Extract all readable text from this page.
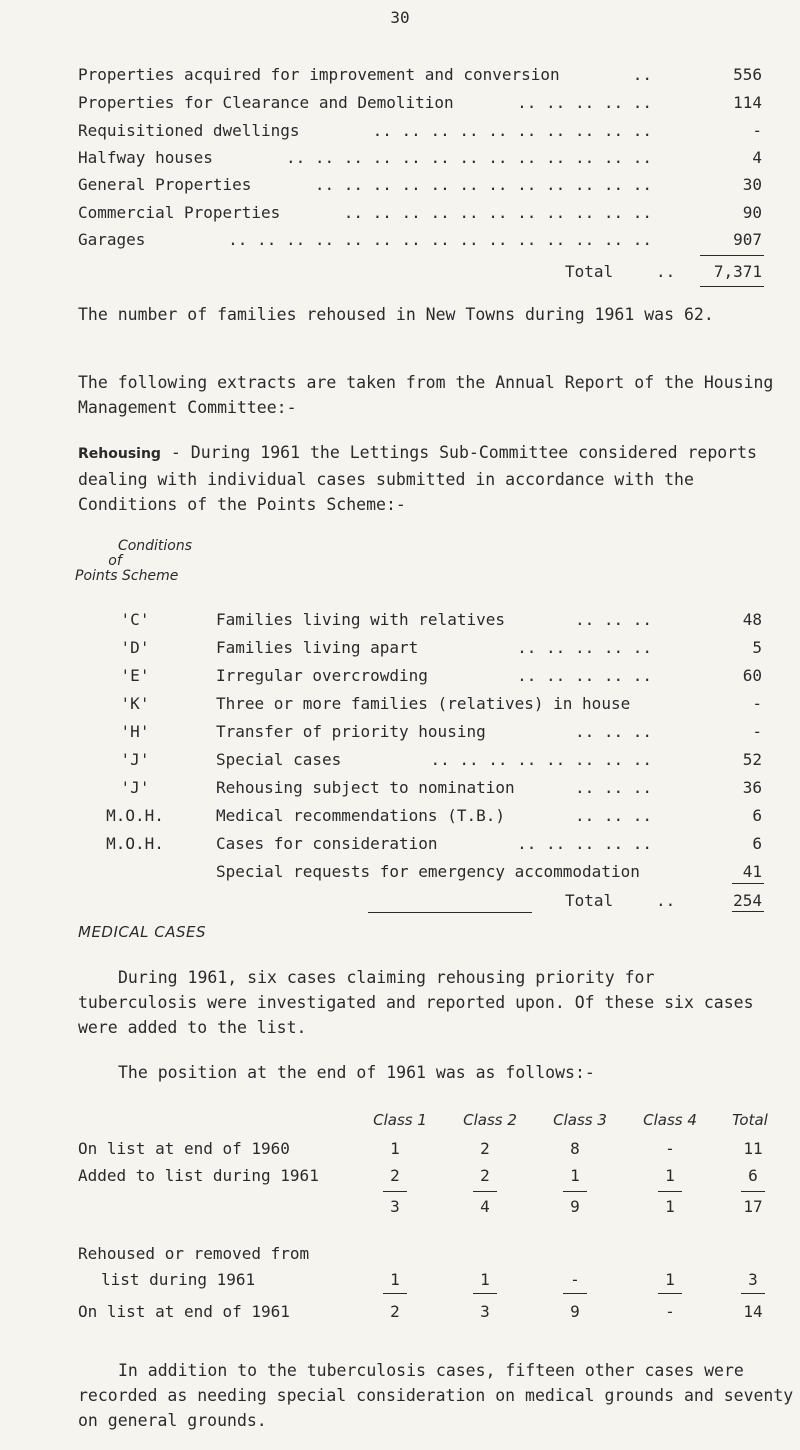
30
Properties acquired for improvement and conversion	..	556
Properties for Clearance and Demolition	.. .. .. .. ..	114
Requisitioned dwellings	.. .. .. .. .. .. .. .. .. ..	-
Halfway houses	.. .. .. .. .. .. .. .. .. .. .. .. ..	4
General Properties	.. .. .. .. .. .. .. .. .. .. .. ..	30
Commercial Properties	.. .. .. .. .. .. .. .. .. .. ..	90
Garages	.. .. .. .. .. .. .. .. .. .. .. .. .. .. ..	907
Total	..	7,371
The number of families rehoused in New Towns during 1961 was 62.
The following extracts are taken from the Annual Report of the Housing Management Committee:-
Rehousing - During 1961 the Lettings Sub-Committee considered reports dealing with individual cases submitted in accordance with the Conditions of the Points Scheme:-
Conditions
of
Points Scheme
'C'	Families living with relatives	.. .. ..	48
'D'	Families living apart	.. .. .. .. ..	5
'E'	Irregular overcrowding	.. .. .. .. ..	60
'K'	Three or more families (relatives) in house	-
'H'	Transfer of priority housing	.. .. ..	-
'J'	Special cases	.. .. .. .. .. .. .. ..	52
'J'	Rehousing subject to nomination	.. .. ..	36
M.O.H.	Medical recommendations (T.B.)	.. .. ..	6
M.O.H.	Cases for consideration	.. .. .. .. ..	6
Special requests for emergency accommodation	41
Total	..	254
MEDICAL CASES
During 1961, six cases claiming rehousing priority for tuberculosis were investigated and reported upon. Of these six cases were added to the list.
The position at the end of 1961 was as follows:-
Class 1	Class 2	Class 3	Class 4	Total
On list at end of 1960	1	2	8	-	11
Added to list during 1961	2	2	1	1	6
3	4	9	1	17
Rehoused or removed from
list during 1961	1	1	-	1	3
On list at end of 1961	2	3	9	-	14
In addition to the tuberculosis cases, fifteen other cases were recorded as needing special consideration on medical grounds and seventy on general grounds.
